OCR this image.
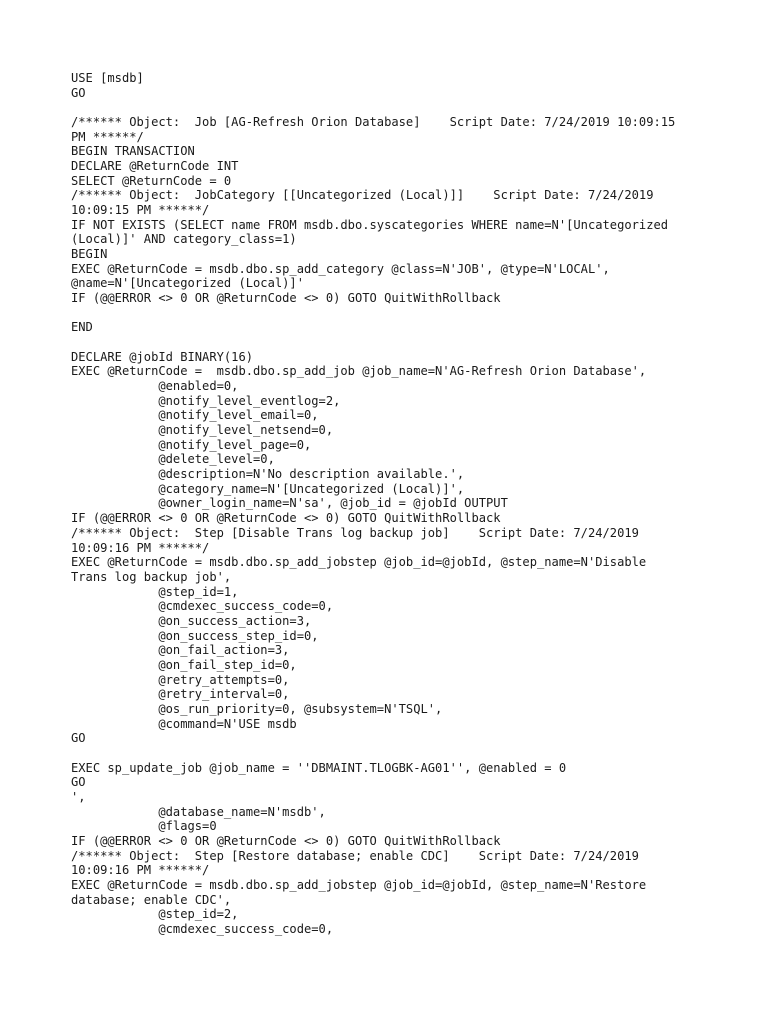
USE [msdb]
GO
/****** Object:  Job [AG-Refresh Orion Database]    Script Date: 7/24/2019 10:09:15
PM ******/
BEGIN TRANSACTION
DECLARE @ReturnCode INT
SELECT @ReturnCode = 0
/****** Object:  JobCategory [[Uncategorized (Local)]]    Script Date: 7/24/2019
10:09:15 PM ******/
IF NOT EXISTS (SELECT name FROM msdb.dbo.syscategories WHERE name=N'[Uncategorized
(Local)]' AND category_class=1)
BEGIN
EXEC @ReturnCode = msdb.dbo.sp_add_category @class=N'JOB', @type=N'LOCAL',
@name=N'[Uncategorized (Local)]'
IF (@@ERROR <> 0 OR @ReturnCode <> 0) GOTO QuitWithRollback
END
DECLARE @jobId BINARY(16)
EXEC @ReturnCode =  msdb.dbo.sp_add_job @job_name=N'AG-Refresh Orion Database',
@enabled=0,
@notify_level_eventlog=2,
@notify_level_email=0,
@notify_level_netsend=0,
@notify_level_page=0,
@delete_level=0,
@description=N'No description available.',
@category_name=N'[Uncategorized (Local)]',
@owner_login_name=N'sa', @job_id = @jobId OUTPUT
IF (@@ERROR <> 0 OR @ReturnCode <> 0) GOTO QuitWithRollback
/****** Object:  Step [Disable Trans log backup job]    Script Date: 7/24/2019
10:09:16 PM ******/
EXEC @ReturnCode = msdb.dbo.sp_add_jobstep @job_id=@jobId, @step_name=N'Disable
Trans log backup job',
@step_id=1,
@cmdexec_success_code=0,
@on_success_action=3,
@on_success_step_id=0,
@on_fail_action=3,
@on_fail_step_id=0,
@retry_attempts=0,
@retry_interval=0,
@os_run_priority=0, @subsystem=N'TSQL',
@command=N'USE msdb
GO
EXEC sp_update_job @job_name = ''DBMAINT.TLOGBK-AG01'', @enabled = 0
GO
',
@database_name=N'msdb',
@flags=0
IF (@@ERROR <> 0 OR @ReturnCode <> 0) GOTO QuitWithRollback
/****** Object:  Step [Restore database; enable CDC]    Script Date: 7/24/2019
10:09:16 PM ******/
EXEC @ReturnCode = msdb.dbo.sp_add_jobstep @job_id=@jobId, @step_name=N'Restore
database; enable CDC',
@step_id=2,
@cmdexec_success_code=0,
